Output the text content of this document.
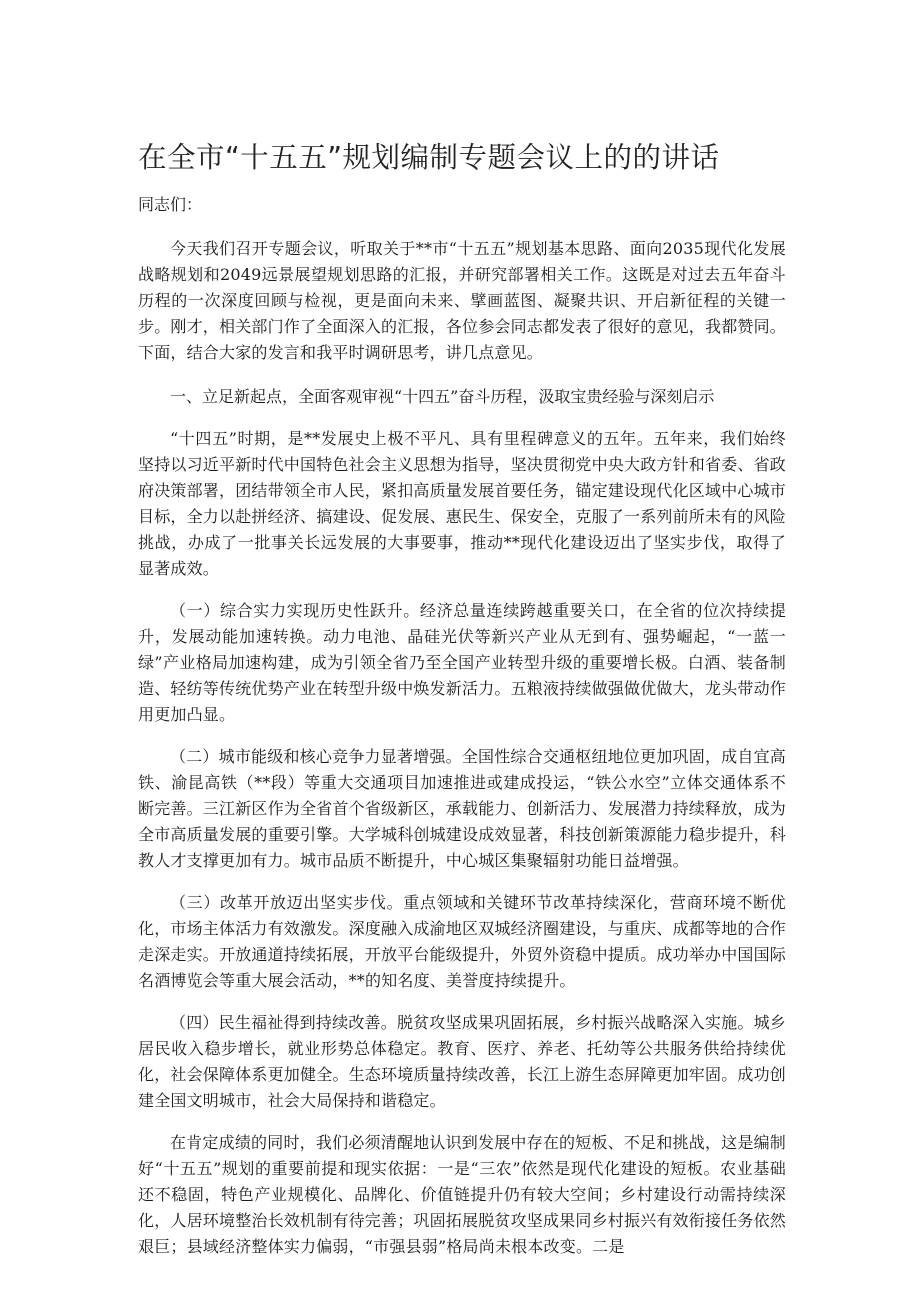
在全市“十五五”规划编制专题会议上的的讲话
同志们：

今天我们召开专题会议，听取关于**市“十五五”规划基本思路、面向2035现代化发展战略规划和2049远景展望规划思路的汇报，并研究部署相关工作。这既是对过去五年奋斗历程的一次深度回顾与检视，更是面向未来、擘画蓝图、凝聚共识、开启新征程的关键一步。刚才，相关部门作了全面深入的汇报，各位参会同志都发表了很好的意见，我都赞同。下面，结合大家的发言和我平时调研思考，讲几点意见。

一、立足新起点，全面客观审视“十四五”奋斗历程，汲取宝贵经验与深刻启示

“十四五”时期，是**发展史上极不平凡、具有里程碑意义的五年。五年来，我们始终坚持以习近平新时代中国特色社会主义思想为指导，坚决贯彻党中央大政方针和省委、省政府决策部署，团结带领全市人民，紧扣高质量发展首要任务，锚定建设现代化区域中心城市目标，全力以赴拼经济、搞建设、促发展、惠民生、保安全，克服了一系列前所未有的风险挑战，办成了一批事关长远发展的大事要事，推动**现代化建设迈出了坚实步伐，取得了显著成效。

（一）综合实力实现历史性跃升。经济总量连续跨越重要关口，在全省的位次持续提升，发展动能加速转换。动力电池、晶硅光伏等新兴产业从无到有、强势崛起，“一蓝一绿”产业格局加速构建，成为引领全省乃至全国产业转型升级的重要增长极。白酒、装备制造、轻纺等传统优势产业在转型升级中焕发新活力。五粮液持续做强做优做大，龙头带动作用更加凸显。

（二）城市能级和核心竞争力显著增强。全国性综合交通枢纽地位更加巩固，成自宜高铁、渝昆高铁（**段）等重大交通项目加速推进或建成投运，“铁公水空”立体交通体系不断完善。三江新区作为全省首个省级新区，承载能力、创新活力、发展潜力持续释放，成为全市高质量发展的重要引擎。大学城科创城建设成效显著，科技创新策源能力稳步提升，科教人才支撑更加有力。城市品质不断提升，中心城区集聚辐射功能日益增强。

（三）改革开放迈出坚实步伐。重点领域和关键环节改革持续深化，营商环境不断优化，市场主体活力有效激发。深度融入成渝地区双城经济圈建设，与重庆、成都等地的合作走深走实。开放通道持续拓展，开放平台能级提升，外贸外资稳中提质。成功举办中国国际名酒博览会等重大展会活动，**的知名度、美誉度持续提升。

（四）民生福祉得到持续改善。脱贫攻坚成果巩固拓展，乡村振兴战略深入实施。城乡居民收入稳步增长，就业形势总体稳定。教育、医疗、养老、托幼等公共服务供给持续优化，社会保障体系更加健全。生态环境质量持续改善，长江上游生态屏障更加牢固。成功创建全国文明城市，社会大局保持和谐稳定。

在肯定成绩的同时，我们必须清醒地认识到发展中存在的短板、不足和挑战，这是编制好“十五五”规划的重要前提和现实依据：一是“三农”依然是现代化建设的短板。农业基础还不稳固，特色产业规模化、品牌化、价值链提升仍有较大空间；乡村建设行动需持续深化，人居环境整治长效机制有待完善；巩固拓展脱贫攻坚成果同乡村振兴有效衔接任务依然艰巨；县域经济整体实力偏弱，“市强县弱”格局尚未根本改变。二是
